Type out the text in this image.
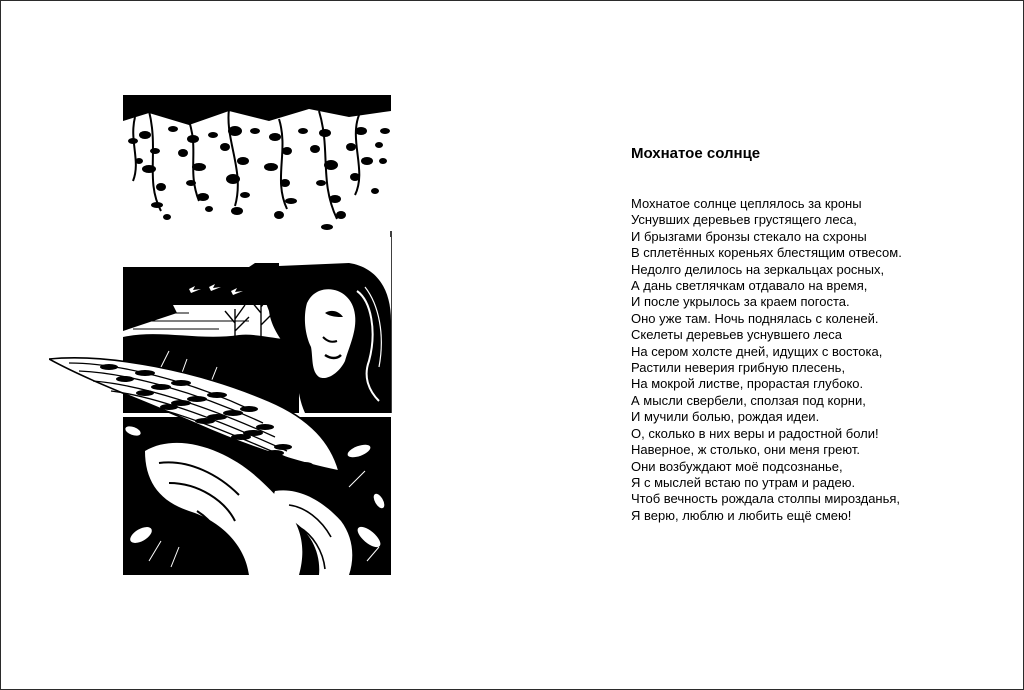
Мохнатое солнце
Мохнатое солнце цеплялось за кроны
Уснувших деревьев грустящего леса,
И брызгами бронзы стекало на схроны
В сплетённых кореньях блестящим отвесом.
Недолго делилось на зеркальцах росных,
А дань светлячкам отдавало на время,
И после укрылось за краем погоста.
Оно уже там. Ночь поднялась с коленей.
Скелеты деревьев уснувшего леса
На сером холсте дней, идущих с востока,
Растили неверия грибную плесень,
На мокрой листве, прорастая глубоко.
А мысли свербели, сползая под корни,
И мучили болью, рождая идеи.
О, сколько в них веры и радостной боли!
Наверное, ж столько, они меня греют.
Они возбуждают моё подсознанье,
Я с мыслей встаю по утрам и радею.
Чтоб вечность рождала столпы мирозданья,
Я верю, люблю и любить ещё смею!
